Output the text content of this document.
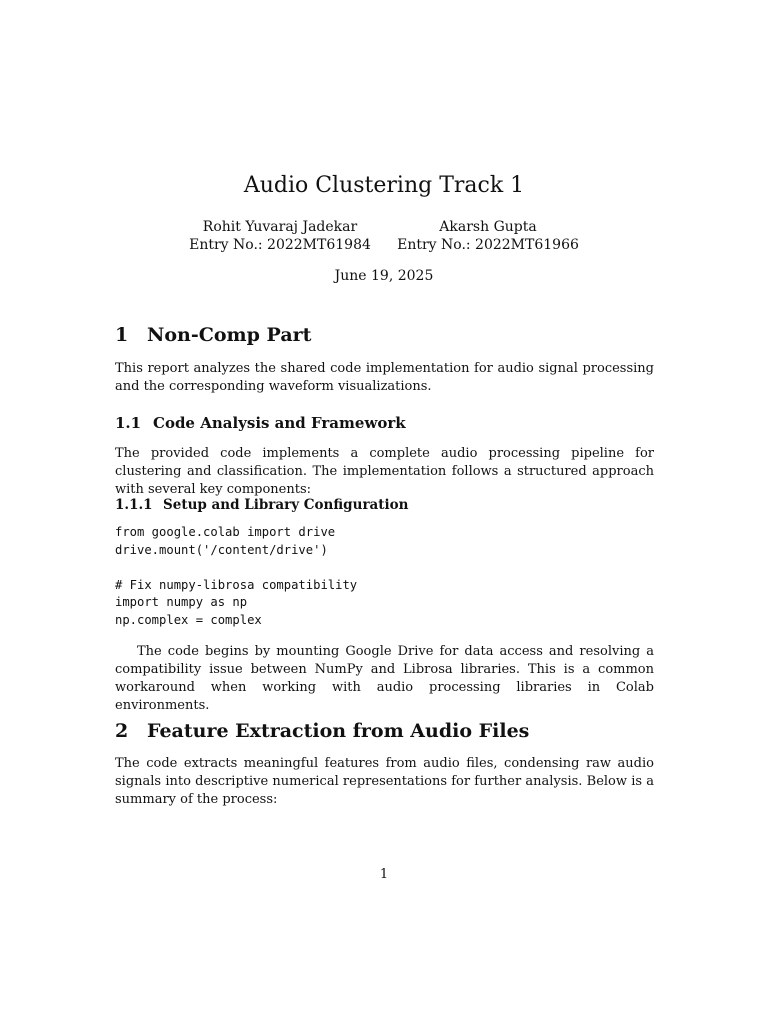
Audio Clustering Track 1
Rohit Yuvaraj Jadekar
Entry No.: 2022MT61984
Akarsh Gupta
Entry No.: 2022MT61966
June 19, 2025
1 Non-Comp Part

This report analyzes the shared code implementation for audio signal processing and the corresponding waveform visualizations.

1.1 Code Analysis and Framework

The provided code implements a complete audio processing pipeline for clustering and classification. The implementation follows a structured approach with several key components:

1.1.1 Setup and Library Configuration
from google.colab import drive
drive.mount('/content/drive')

# Fix numpy-librosa compatibility
import numpy as np
np.complex = complex

The code begins by mounting Google Drive for data access and resolving a compatibility issue between NumPy and Librosa libraries. This is a common workaround when working with audio processing libraries in Colab environments.

2 Feature Extraction from Audio Files

The code extracts meaningful features from audio files, condensing raw audio signals into descriptive numerical representations for further analysis. Below is a summary of the process:

1
